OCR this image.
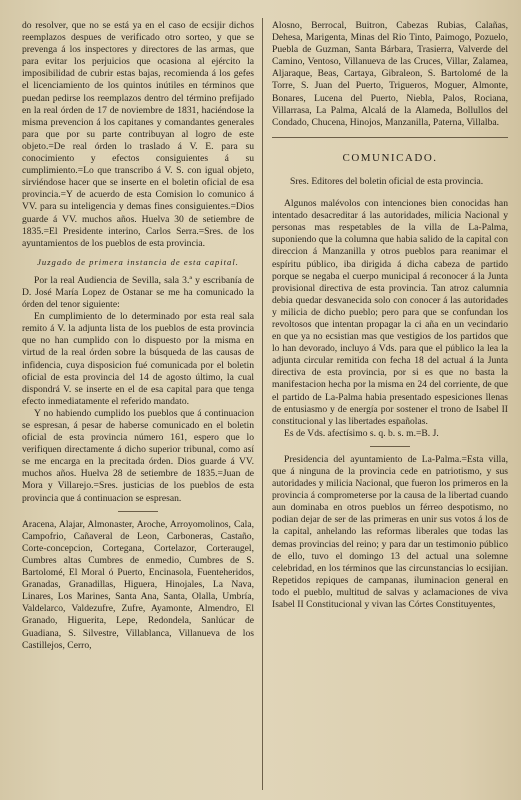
do resolver, que no se está ya en el caso de ecsijir dichos reemplazos despues de verificado otro sorteo, y que se prevenga á los inspectores y directores de las armas, que para evitar los perjuicios que ocasiona al ejército la imposibilidad de cubrir estas bajas, recomienda á los gefes el licenciamiento de los quintos inútiles en términos que puedan pedirse los reemplazos dentro del término prefijado en la real órden de 17 de noviembre de 1831, haciéndose la misma prevencion á los capitanes y comandantes generales para que por su parte contribuyan al logro de este objeto.=De real órden lo traslado á V. E. para su conocimiento y efectos consiguientes á su cumplimiento.=Lo que transcribo á V. S. con igual objeto, sirviéndose hacer que se inserte en el boletin oficial de esa provincia.=Y de acuerdo de esta Comision lo comunico á VV. para su inteligencia y demas fines consiguientes.=Dios guarde á VV. muchos años. Huelva 30 de setiembre de 1835.=El Presidente interino, Carlos Serra.=Sres. de los ayuntamientos de los pueblos de esta provincia.

Juzgado de primera instancia de esta capital.

Por la real Audiencia de Sevilla, sala 3.ª y escribanía de D. José María Lopez de Ostanar se me ha comunicado la órden del tenor siguiente:

En cumplimiento de lo determinado por esta real sala remito á V. la adjunta lista de los pueblos de esta provincia que no han cumplido con lo dispuesto por la misma en virtud de la real órden sobre la búsqueda de las causas de infidencia, cuya disposicion fué comunicada por el boletin oficial de esta provincia del 14 de agosto último, la cual dispondrá V. se inserte en el de esa capital para que tenga efecto inmediatamente el referido mandato.

Y no habiendo cumplido los pueblos que á continuacion se espresan, á pesar de haberse comunicado en el boletin oficial de esta provincia número 161, espero que lo verifiquen directamente á dicho superior tribunal, como así se me encarga en la precitada órden. Dios guarde á VV. muchos años. Huelva 28 de setiembre de 1835.=Juan de Mora y Villarejo.=Sres. justicias de los pueblos de esta provincia que á continuacion se espresan.

Aracena, Alajar, Almonaster, Aroche, Arroyomolinos, Cala, Campofrio, Cañaveral de Leon, Carboneras, Castaño, Corte-concepcion, Cortegana, Cortelazor, Corteraugel, Cumbres altas Cumbres de enmedio, Cumbres de S. Bartolomé, El Moral ó Puerto, Encinasola, Fuenteheridos, Granadas, Granadillas, Higuera, Hinojales, La Nava, Linares, Los Marines, Santa Ana, Santa, Olalla, Umbría, Valdelarco, Valdezufre, Zufre, Ayamonte, Almendro, El Granado, Higuerita, Lepe, Redondela, Sanlúcar de Guadiana, S. Silvestre, Villablanca, Villanueva de los Castillejos, Cerro,

Alosno, Berrocal, Buitron, Cabezas Rubias, Calañas, Dehesa, Marigenta, Minas del Rio Tinto, Paimogo, Pozuelo, Puebla de Guzman, Santa Bárbara, Trasierra, Valverde del Camino, Ventoso, Villanueva de las Cruces, Villar, Zalamea, Aljaraque, Beas, Cartaya, Gibraleon, S. Bartolomé de la Torre, S. Juan del Puerto, Trigueros, Moguer, Almonte, Bonares, Lucena del Puerto, Niebla, Palos, Rociana, Villarrasa, La Palma, Alcalá de la Alameda, Bollullos del Condado, Chucena, Hinojos, Manzanilla, Paterna, Villalba.

COMUNICADO.

Sres. Editores del boletin oficial de esta provincia.

Algunos malévolos con intenciones bien conocidas han intentado desacreditar á las autoridades, milicia Nacional y personas mas respetables de la villa de La-Palma, suponiendo que la columna que habia salido de la capital con direccion á Manzanilla y otros pueblos para reanimar el espíritu público, iba dirigida á dicha cabeza de partido porque se negaba el cuerpo municipal á reconocer á la Junta provisional directiva de esta provincia. Tan atroz calumnia debia quedar desvanecida solo con conocer á las autoridades y milicia de dicho pueblo; pero para que se confundan los revoltosos que intentan propagar la ci aña en un vecindario en que ya no ecsistian mas que vestigios de los partidos que lo han devorado, incluyo á Vds. para que el público la lea la adjunta circular remitida con fecha 18 del actual á la Junta directiva de esta provincia, por si es que no basta la manifestacion hecha por la misma en 24 del corriente, de que el partido de La-Palma habia presentado espesiciones llenas de entusiasmo y de energía por sostener el trono de Isabel II constitucional y las libertades españolas.

Es de Vds. afectísimo s. q. b. s. m.=B. J.

Presidencia del ayuntamiento de La-Palma.=Esta villa, que á ninguna de la provincia cede en patriotismo, y sus autoridades y milicia Nacional, que fueron los primeros en la provincia á comprometerse por la causa de la libertad cuando aun dominaba en otros pueblos un férreo despotismo, no podian dejar de ser de las primeras en unir sus votos á los de la capital, anhelando las reformas liberales que todas las demas provincias del reino; y para dar un testimonio público de ello, tuvo el domingo 13 del actual una solemne celebridad, en los términos que las circunstancias lo ecsijian. Repetidos repiques de campanas, iluminacion general en todo el pueblo, multitud de salvas y aclamaciones de viva Isabel II Constitucional y vivan las Córtes Constituyentes,
